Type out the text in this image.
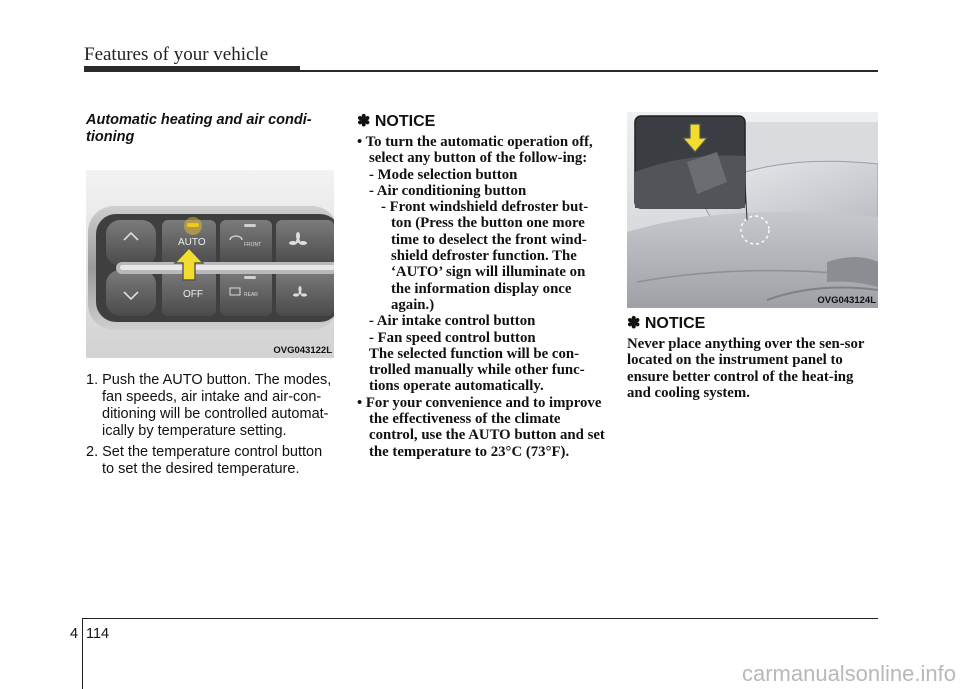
Features of your vehicle

Automatic heating and air condi-tioning

AUTO
OFF
FRONT
REAR
OVG043122L
1. Push the AUTO button. The modes, fan speeds, air intake and air-con-ditioning will be controlled automat-ically by temperature setting.
2. Set the temperature control button to set the desired temperature.

✽ NOTICE

• To turn the automatic operation off, select any button of the follow-ing:
- Mode selection button
- Air conditioning button
- Front windshield defroster but-ton (Press the button one more time to deselect the front wind-shield defroster function. The ‘AUTO’ sign will illuminate on the information display once again.)
- Air intake control button
- Fan speed control button
The selected function will be con-trolled manually while other func-tions operate automatically.
• For your convenience and to improve the effectiveness of the climate control, use the AUTO button and set the temperature to 23°C (73°F).
OVG043124L

✽ NOTICE

Never place anything over the sen-sor located on the instrument panel to ensure better control of the heat-ing and cooling system.
4 114
carmanualsonline.info
